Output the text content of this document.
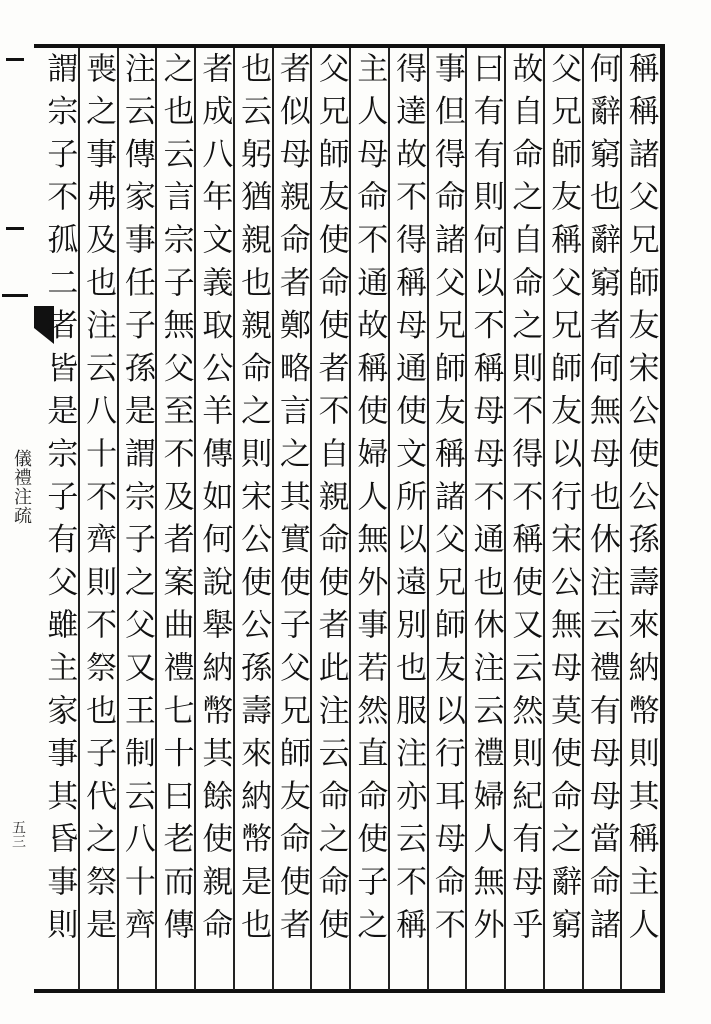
儀禮注疏
五三	稱稱諸父兄師友宋公使公孫壽來納幣則其稱主人
何辭窮也辭窮者何無母也休注云禮有母母當命諸
父兄師友稱父兄師友以行宋公無母莫使命之辭窮
故自命之自命之則不得不稱使又云然則紀有母乎
曰有有則何以不稱母母不通也休注云禮婦人無外
事但得命諸父兄師友稱諸父兄師友以行耳母命不
得達故不得稱母通使文所以遠別也服注亦云不稱
主人母命不通故稱使婦人無外事若然直命使子之
父兄師友使命使者不自親命使者此注云命之命使
者似母親命者鄭略言之其實使子父兄師友命使者
也云躬猶親也親命之則宋公使公孫壽來納幣是也
者成八年文義取公羊傳如何說舉納幣其餘使親命
之也云言宗子無父至不及者案曲禮七十曰老而傳
注云傳家事任子孫是謂宗子之父又王制云八十齊
喪之事弗及也注云八十不齊則不祭也子代之祭是
謂宗子不孤二者皆是宗子有父雖主家事其昏事則
